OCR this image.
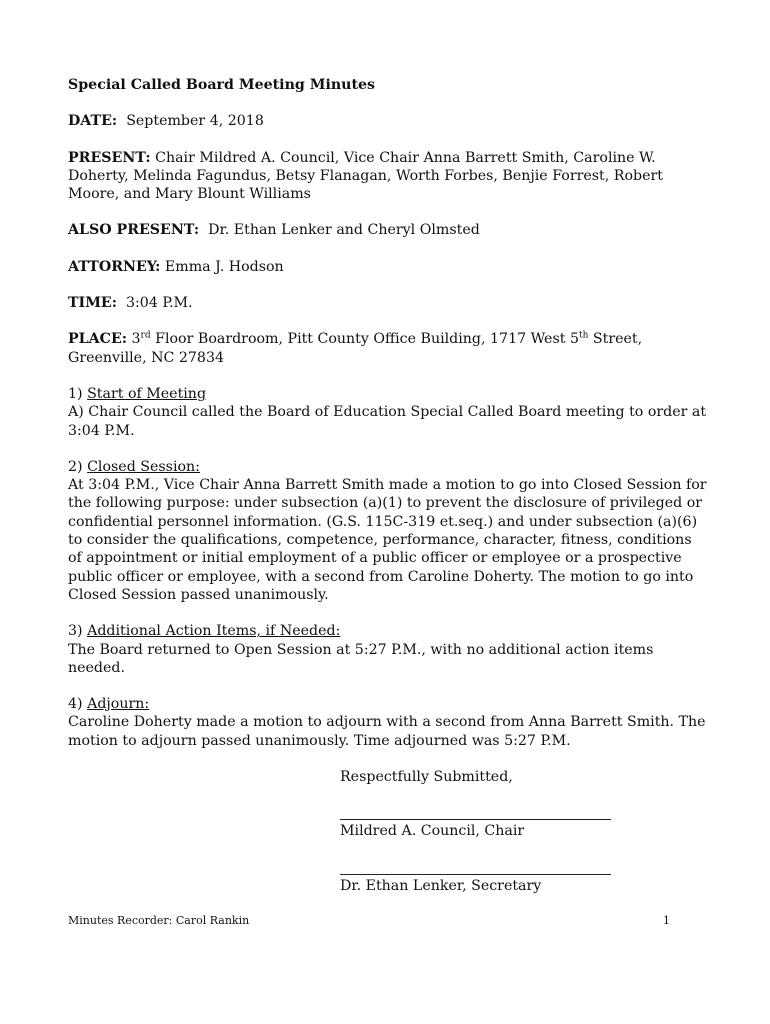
Special Called Board Meeting Minutes
DATE: September 4, 2018
PRESENT: Chair Mildred A. Council, Vice Chair Anna Barrett Smith, Caroline W. Doherty, Melinda Fagundus, Betsy Flanagan, Worth Forbes, Benjie Forrest, Robert Moore, and Mary Blount Williams
ALSO PRESENT: Dr. Ethan Lenker and Cheryl Olmsted
ATTORNEY: Emma J. Hodson
TIME: 3:04 P.M.
PLACE: 3rd Floor Boardroom, Pitt County Office Building, 1717 West 5th Street, Greenville, NC 27834
1) Start of Meeting
A) Chair Council called the Board of Education Special Called Board meeting to order at 3:04 P.M.
2) Closed Session:
At 3:04 P.M., Vice Chair Anna Barrett Smith made a motion to go into Closed Session for the following purpose: under subsection (a)(1) to prevent the disclosure of privileged or confidential personnel information. (G.S. 115C-319 et.seq.) and under subsection (a)(6) to consider the qualifications, competence, performance, character, fitness, conditions of appointment or initial employment of a public officer or employee or a prospective public officer or employee, with a second from Caroline Doherty. The motion to go into Closed Session passed unanimously.
3) Additional Action Items, if Needed:
The Board returned to Open Session at 5:27 P.M., with no additional action items needed.
4) Adjourn:
Caroline Doherty made a motion to adjourn with a second from Anna Barrett Smith. The motion to adjourn passed unanimously. Time adjourned was 5:27 P.M.
Respectfully Submitted,
Mildred A. Council, Chair
Dr. Ethan Lenker, Secretary
Minutes Recorder: Carol Rankin	1
